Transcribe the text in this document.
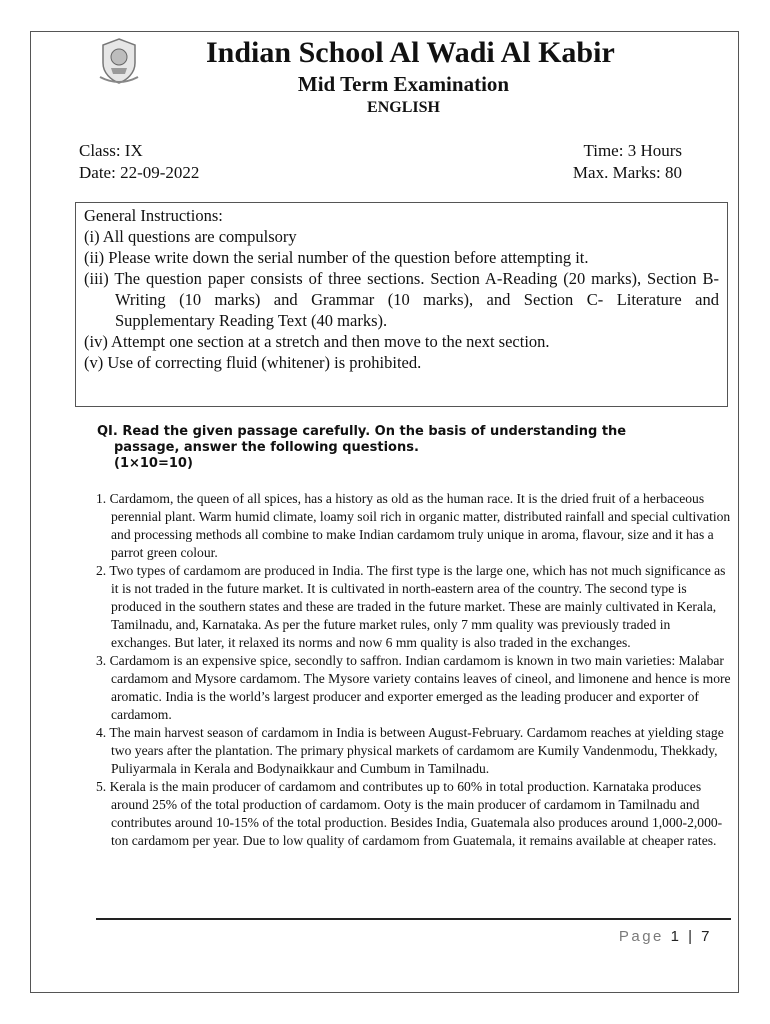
Indian School Al Wadi Al Kabir
Mid Term Examination
ENGLISH
Class: IX
Date: 22-09-2022
Time: 3 Hours
Max. Marks: 80
General Instructions:
(i) All questions are compulsory
(ii) Please write down the serial number of the question before attempting it.
(iii) The question paper consists of three sections. Section A-Reading (20 marks), Section B-Writing (10 marks) and Grammar (10 marks), and Section C- Literature and Supplementary Reading Text (40 marks).
(iv) Attempt one section at a stretch and then move to the next section.
(v) Use of correcting fluid (whitener) is prohibited.
QI. Read the given passage carefully. On the basis of understanding the passage, answer the following questions.
(1×10=10)

1. Cardamom, the queen of all spices, has a history as old as the human race. It is the dried fruit of a herbaceous perennial plant. Warm humid climate, loamy soil rich in organic matter, distributed rainfall and special cultivation and processing methods all combine to make Indian cardamom truly unique in aroma, flavour, size and it has a parrot green colour.

2. Two types of cardamom are produced in India. The first type is the large one, which has not much significance as it is not traded in the future market. It is cultivated in north-eastern area of the country. The second type is produced in the southern states and these are traded in the future market. These are mainly cultivated in Kerala, Tamilnadu, and, Karnataka. As per the future market rules, only 7 mm quality was previously traded in exchanges. But later, it relaxed its norms and now 6 mm quality is also traded in the exchanges.

3. Cardamom is an expensive spice, secondly to saffron. Indian cardamom is known in two main varieties: Malabar cardamom and Mysore cardamom. The Mysore variety contains leaves of cineol, and limonene and hence is more aromatic. India is the world’s largest producer and exporter emerged as the leading producer and exporter of cardamom.

4. The main harvest season of cardamom in India is between August-February. Cardamom reaches at yielding stage two years after the plantation. The primary physical markets of cardamom are Kumily Vandenmodu, Thekkady, Puliyarmala in Kerala and Bodynaikkaur and Cumbum in Tamilnadu.

5. Kerala is the main producer of cardamom and contributes up to 60% in total production. Karnataka produces around 25% of the total production of cardamom. Ooty is the main producer of cardamom in Tamilnadu and contributes around 10-15% of the total production. Besides India, Guatemala also produces around 1,000-2,000-ton cardamom per year. Due to low quality of cardamom from Guatemala, it remains available at cheaper rates.

Page 1 | 7
